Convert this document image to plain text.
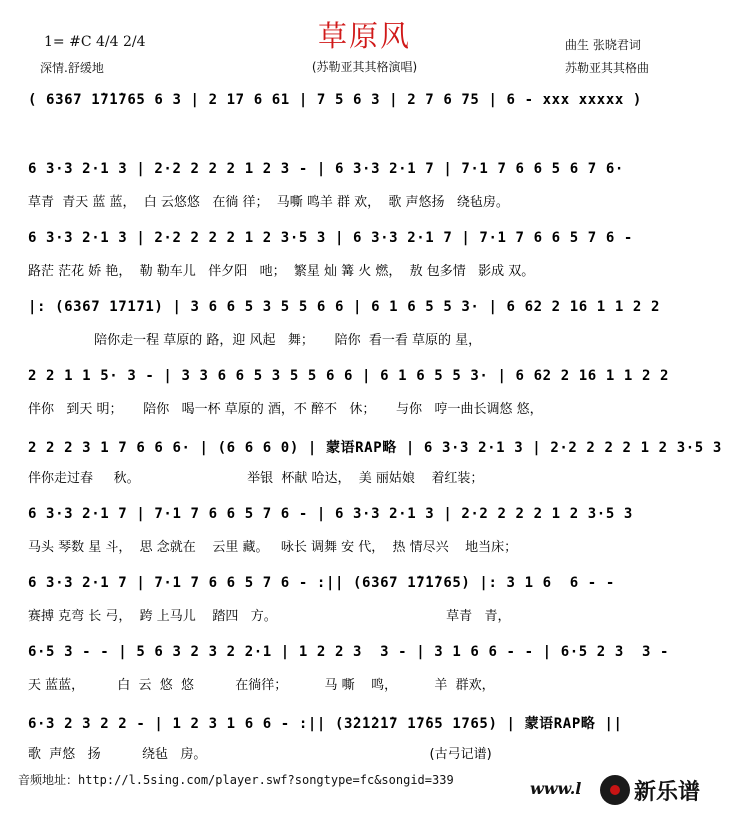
草原风
1= #C 4/4 2/4
深情.舒缓地	(苏勒亚其其格演唱)
曲生 张晓君词
苏勒亚其其格曲
( 6367 1̇7̇1̇765 6 3 | 2 17 6 61 | 7 5 6 3 | 2 7 6 75 | 6 - xxx xxxxx )
6 3·3 2·1 3 | 2·2 2 2 2 1 2 3 - | 6 3·3 2·1 7 | 7·1 7 6 6 5 6 7 6·
草青  青天 蓝 蓝，  白 云悠悠   在徜 徉；  马嘶 鸣羊 群 欢，  歌 声悠扬   绕毡房。
6 3·3 2·1 3 | 2·2 2 2 2 1 2 3·5 3 | 6 3·3 2·1 7 | 7·1 7 6 6 5 7 6 -
路茫 茫花 娇 艳，  勒 勒车儿   伴夕阳   吔；  繁星 灿 篝 火 燃，  敖 包多情   影成 双。
|: (6367 17171) | 3 6 6 5 3 5 5 6 6 | 6 1 6 5 5 3· | 6 62 2 16 1 1 2 2
陪你走一程 草原的 路，迎 风起   舞；     陪你  看一看 草原的 星，
2 2 1 1 5· 3 - | 3 3 6 6 5 3 5 5 6 6 | 6 1 6 5 5 3· | 6 62 2 16 1 1 2 2
伴你   到天 明；     陪你   喝一杯 草原的 酒，不 醉不   休；     与你   哼一曲长调悠 悠，
2 2 2 3 1 7 6 6 6· | (6 6 6 0) | 蒙语RAP略 | 6 3·3 2·1 3 | 2·2 2 2 2 1 2 3·5 3
伴你走过春     秋。                          举银  杯献 哈达，  美 丽姑娘    着红装；
6 3·3 2·1 7 | 7·1 7 6 6 5 7 6 - | 6 3·3 2·1 3 | 2·2 2 2 2 1 2 3·5 3
马头 琴数 星 斗，  思 念就在    云里 藏。   咏长 调舞 安 代，  热 情尽兴    地当床；
6 3·3 2·1 7 | 7·1 7 6 6 5 7 6 - :|| (6367 1̇7̇1̇765) |: 3 1 6  6 - -
赛搏 克弯 长 弓，  跨 上马儿    踏四   方。                                         草青   青，
6·5 3 - - | 5 6 3 2 3 2 2·1 | 1 2 2 3  3 - | 3 1 6 6 - - | 6·5 2 3  3 -
天 蓝蓝，        白  云  悠  悠          在徜徉；         马 嘶    鸣，         羊  群欢，
6·3 2 3 2 2 - | 1 2 3 1 6 6 - :|| (3̇2̇1̇2̇1̇7 1̇7̇65 1765) | 蒙语RAP略 ||
歌  声悠   扬          绕毡   房。                                                      (古弓记谱)
音频地址：http://l.5sing.com/player.swf?songtype=fc&songid=339	www.l 新乐谱
